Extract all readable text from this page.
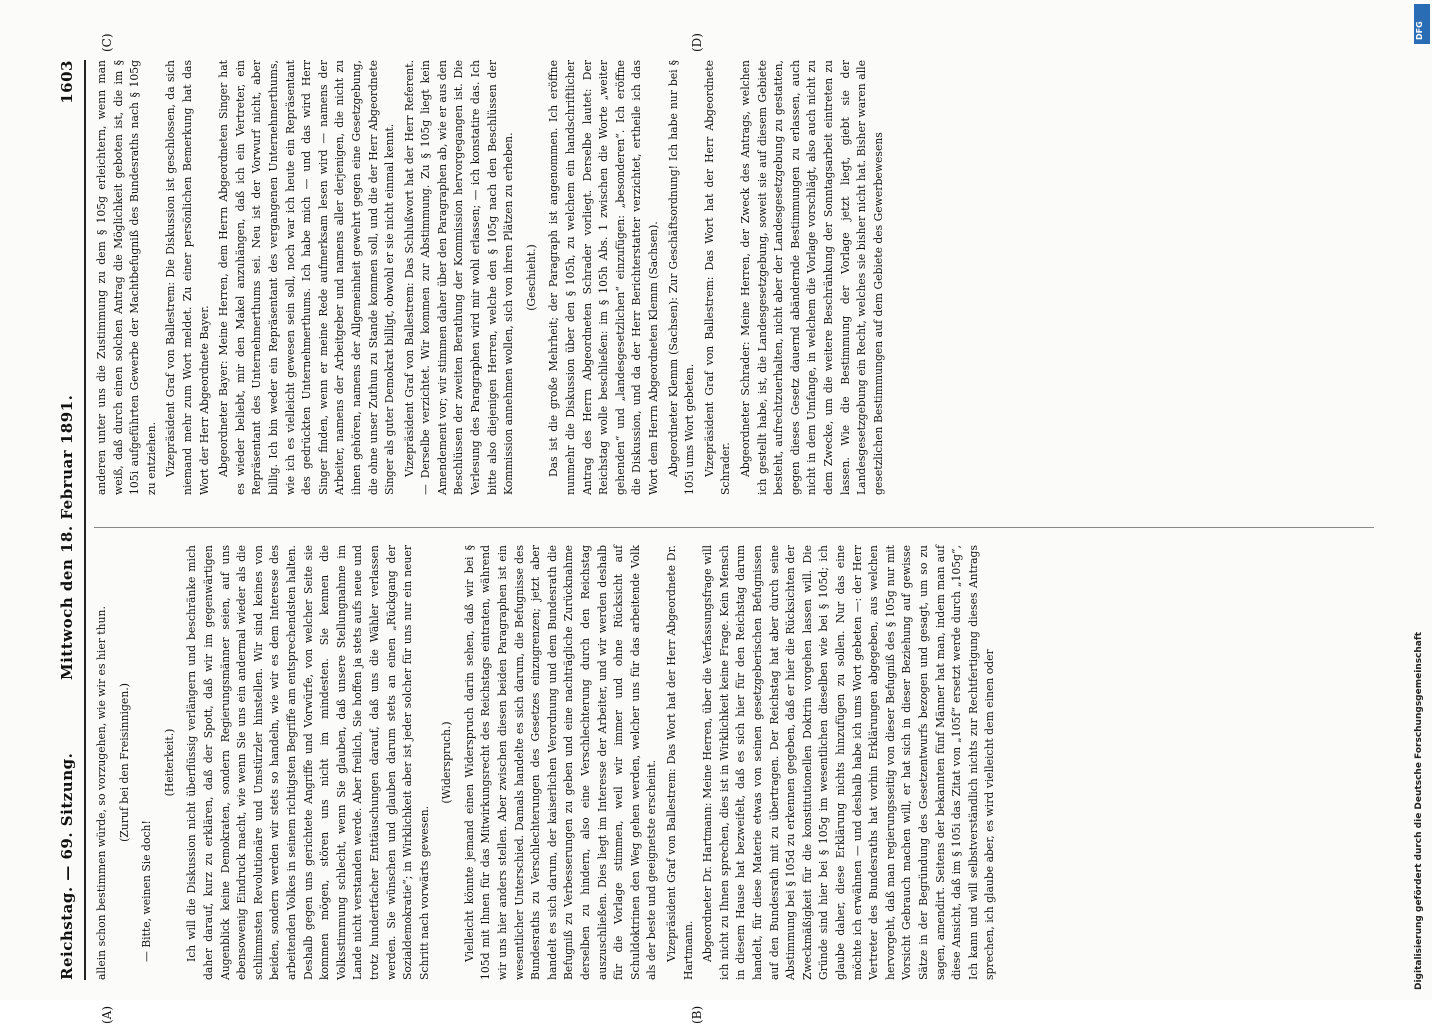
Reichstag. — 69. Sitzung.
Mittwoch den 18. Februar 1891.
1603
(A)	(B)
(C)	(D)

allein schon bestimmen würde, so vorzugehen, wie wir es hier thun. (Zuruf bei den Freisinnigen.)

— Bitte, weinen Sie doch!

(Heiterkeit.) Ich will die Diskussion nicht überflüssig verlängern und beschränke mich daher darauf, kurz zu erklären, daß der Spott, daß wir im gegenwärtigen Augenblick keine Demokraten, sondern Regierungsmänner seien, auf uns ebensowenig Eindruck macht, wie wenn Sie uns ein andermal wieder als die schlimmsten Revolutionäre und Umstürzler hinstellen. Wir sind keines von beiden, sondern werden wir stets so handeln, wie wir es dem Interesse des arbeitenden Volkes in seinem richtigsten Begriffe am entsprechendsten halten. Deshalb gegen uns gerichtete Angriffe und Vorwürfe, von welcher Seite sie kommen mögen, stören uns nicht im mindesten. Sie kennen die Volksstimmung schlecht, wenn Sie glauben, daß unsere Stellungnahme im Lande nicht verstanden werde. Aber freilich, Sie hoffen ja stets aufs neue und trotz hundertfacher Enttäuschungen darauf, daß uns die Wähler verlassen werden. Sie wünschen und glauben darum stets an einen „Rückgang der Sozialdemokratie“; in Wirklichkeit aber ist jeder solcher für uns nur ein neuer Schritt nach vorwärts gewesen.

(Widerspruch.) Vielleicht könnte jemand einen Widerspruch darin sehen, daß wir bei § 105d mit Ihnen für das Mitwirkungsrecht des Reichstags eintraten, während wir uns hier anders stellen. Aber zwischen diesen beiden Paragraphen ist ein wesentlicher Unterschied. Damals handelte es sich darum, die Befugnisse des Bundesraths zu Verschlechterungen des Gesetzes einzugrenzen; jetzt aber handelt es sich darum, der kaiserlichen Verordnung und dem Bundesrath die Befugniß zu Verbesserungen zu geben und eine nachträgliche Zurücknahme derselben zu hindern, also eine Verschlechterung durch den Reichstag auszuschließen. Dies liegt im Interesse der Arbeiter, und wir werden deshalb für die Vorlage stimmen, weil wir immer und ohne Rücksicht auf Schuldoktrinen den Weg gehen werden, welcher uns für das arbeitende Volk als der beste und geeignetste erscheint. Vizepräsident Graf von Ballestrem: Das Wort hat der Herr Abgeordnete Dr. Hartmann. Abgeordneter Dr. Hartmann: Meine Herren, über die Verfassungsfrage will ich nicht zu Ihnen sprechen, dies ist in Wirklichkeit keine Frage. Kein Mensch in diesem Hause hat bezweifelt, daß es sich hier für den Reichstag darum handelt, für diese Materie etwas von seinen gesetzgeberischen Befugnissen auf den Bundesrath mit zu übertragen. Der Reichstag hat aber durch seine Abstimmung bei § 105d zu erkennen gegeben, daß er hier die Rücksichten der Zweckmäßigkeit für die konstitutionellen Doktrin vorgehen lassen will. Die Gründe sind hier bei § 105g im wesentlichen dieselben wie bei § 105d; ich glaube daher, diese Erklärung nichts hinzufügen zu sollen. Nur das eine möchte ich erwähnen — und deshalb habe ich ums Wort gebeten —: der Herr Vertreter des Bundesraths hat vorhin Erklärungen abgegeben, aus welchen hervorgeht, daß man regierungsseitig von dieser Befugniß des § 105g nur mit Vorsicht Gebrauch machen will, er hat sich in dieser Beziehung auf gewisse Sätze in der Begründung des Gesetzentwurfs bezogen und gesagt, um so zu sagen, amendirt. Seitens der bekannten fünf Männer hat man, indem man auf diese Ansicht, daß im § 105i das Zitat von „105f“ ersetzt werde durch „105g“, Ich kann und will selbstverständlich nichts zur Rechtfertigung dieses Antrags sprechen, ich glaube aber, es wird vielleicht dem einen oder

anderen unter uns die Zustimmung zu dem § 105g erleichtern, wenn man weiß, daß durch einen solchen Antrag die Möglichkeit geboten ist, die im § 105i aufgeführten Gewerbe der Machtbefugniß des Bundesraths nach § 105g zu entziehen. Vizepräsident Graf von Ballestrem: Die Diskussion ist geschlossen, da sich niemand mehr zum Wort meldet. Zu einer persönlichen Bemerkung hat das Wort der Herr Abgeordnete Bayer. Abgeordneter Bayer: Meine Herren, dem Herrn Abgeordneten Singer hat es wieder beliebt, mir den Makel anzuhängen, daß ich ein Vertreter, ein Repräsentant des Unternehmerthums sei. Neu ist der Vorwurf nicht, aber billig. Ich bin weder ein Repräsentant des vergangenen Unternehmerthums, wie ich es vielleicht gewesen sein soll, noch war ich heute ein Repräsentant des gedrückten Unternehmerthums. Ich habe mich — und das wird Herr Singer finden, wenn er meine Rede aufmerksam lesen wird — namens der Arbeiter, namens der Arbeitgeber und namens aller derjenigen, die nicht zu ihnen gehören, namens der Allgemeinheit gewehrt gegen eine Gesetzgebung, die ohne unser Zuthun zu Stande kommen soll, und die der Herr Abgeordnete Singer als guter Demokrat billigt, obwohl er sie nicht einmal kennt. Vizepräsident Graf von Ballestrem: Das Schlußwort hat der Herr Referent. — Derselbe verzichtet. Wir kommen zur Abstimmung. Zu § 105g liegt kein Amendement vor; wir stimmen daher über den Paragraphen ab, wie er aus den Beschlüssen der zweiten Berathung der Kommission hervorgegangen ist. Die Verlesung des Paragraphen wird mir wohl erlassen; — ich konstatire das. Ich bitte also diejenigen Herren, welche den § 105g nach den Beschlüssen der Kommission annehmen wollen, sich von ihren Plätzen zu erheben. (Geschieht.) Das ist die große Mehrheit; der Paragraph ist angenommen. Ich eröffne nunmehr die Diskussion über den § 105h, zu welchem ein handschriftlicher Antrag des Herrn Abgeordneten Schrader vorliegt. Derselbe lautet: Der Reichstag wolle beschließen: im § 105h Abs. 1 zwischen die Worte „weiter gehenden“ und „landesgesetzlichen“ einzufügen: „besonderen“. Ich eröffne die Diskussion, und da der Herr Berichterstatter verzichtet, ertheile ich das Wort dem Herrn Abgeordneten Klemm (Sachsen). Abgeordneter Klemm (Sachsen): Zur Geschäftsordnung! Ich habe nur bei § 105i ums Wort gebeten. Vizepräsident Graf von Ballestrem: Das Wort hat der Herr Abgeordnete Schrader. Abgeordneter Schrader: Meine Herren, der Zweck des Antrags, welchen ich gestellt habe, ist, die Landesgesetzgebung, soweit sie auf diesem Gebiete besteht, aufrechtzuerhalten, nicht aber der Landesgesetzgebung zu gestatten, gegen dieses Gesetz dauernd abändernde Bestimmungen zu erlassen, auch nicht in dem Umfange, in welchem die Vorlage vorschlägt, also auch nicht zu dem Zwecke, um die weitere Beschränkung der Sonntagsarbeit eintreten zu lassen. Wie die Bestimmung der Vorlage jetzt liegt, giebt sie der Landesgesetzgebung ein Recht, welches sie bisher nicht hat. Bisher waren alle gesetzlichen Bestimmungen auf dem Gebiete des Gewerbewesens

DFG
Digitalisierung gefördert durch die Deutsche Forschungsgemeinschaft
